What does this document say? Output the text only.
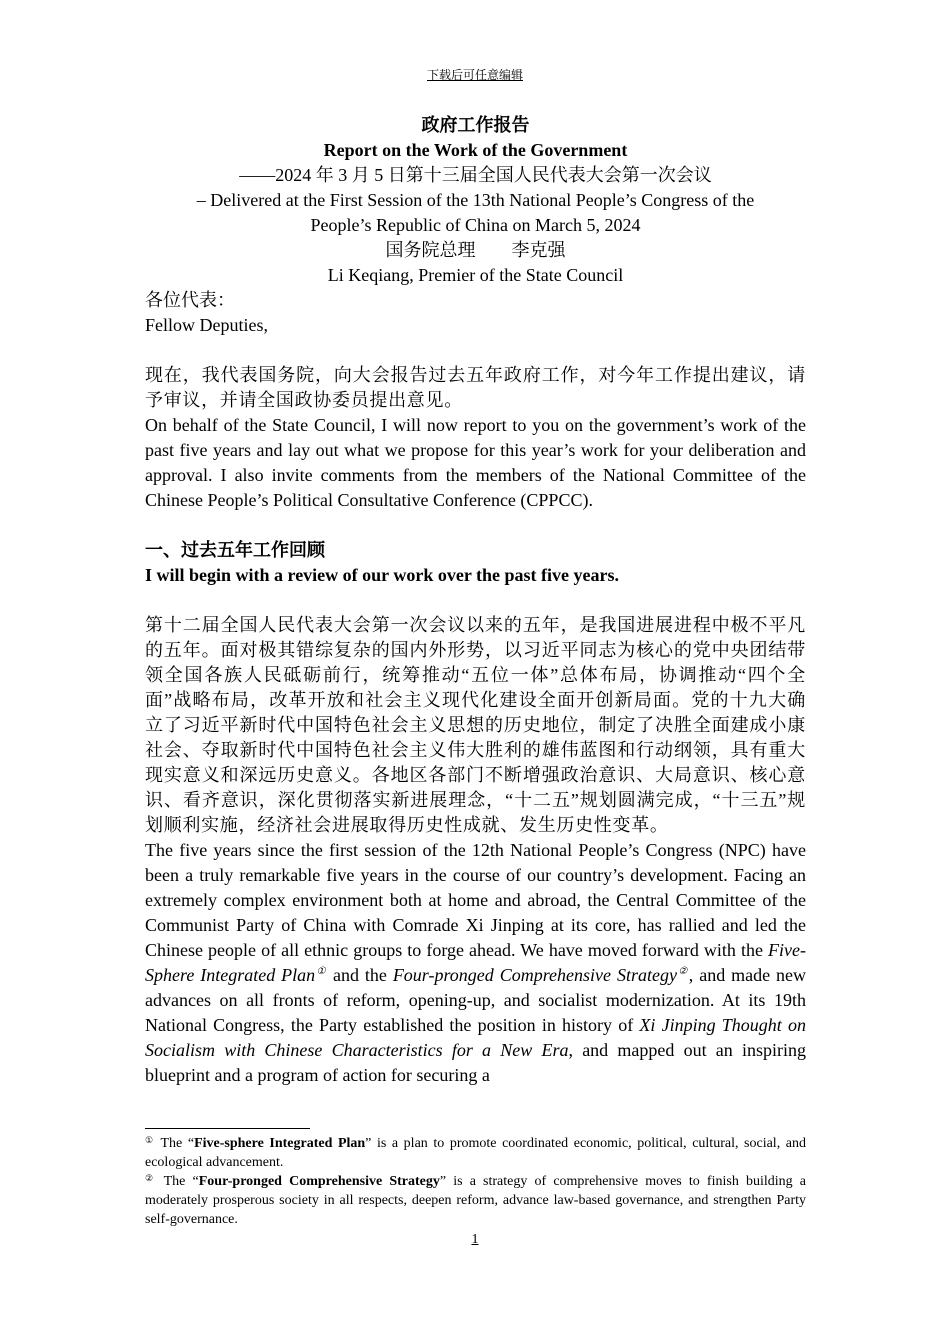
下载后可任意编辑
政府工作报告
Report on the Work of the Government
——2024 年 3 月 5 日第十三届全国人民代表大会第一次会议
– Delivered at the First Session of the 13th National People’s Congress of the
People’s Republic of China on March 5, 2024
国务院总理　　李克强
Li Keqiang, Premier of the State Council
各位代表：
Fellow Deputies,
现在，我代表国务院，向大会报告过去五年政府工作，对今年工作提出建议，请予审议，并请全国政协委员提出意见。
On behalf of the State Council, I will now report to you on the government’s work of the past five years and lay out what we propose for this year’s work for your deliberation and approval. I also invite comments from the members of the National Committee of the Chinese People’s Political Consultative Conference (CPPCC).
一、过去五年工作回顾
I will begin with a review of our work over the past five years.
第十二届全国人民代表大会第一次会议以来的五年，是我国进展进程中极不平凡的五年。面对极其错综复杂的国内外形势，以习近平同志为核心的党中央团结带领全国各族人民砥砺前行，统筹推动“五位一体”总体布局，协调推动“四个全面”战略布局，改革开放和社会主义现代化建设全面开创新局面。党的十九大确立了习近平新时代中国特色社会主义思想的历史地位，制定了决胜全面建成小康社会、夺取新时代中国特色社会主义伟大胜利的雄伟蓝图和行动纲领，具有重大现实意义和深远历史意义。各地区各部门不断增强政治意识、大局意识、核心意识、看齐意识，深化贯彻落实新进展理念，“十二五”规划圆满完成，“十三五”规划顺利实施，经济社会进展取得历史性成就、发生历史性变革。
The five years since the first session of the 12th National People’s Congress (NPC) have been a truly remarkable five years in the course of our country’s development. Facing an extremely complex environment both at home and abroad, the Central Committee of the Communist Party of China with Comrade Xi Jinping at its core, has rallied and led the Chinese people of all ethnic groups to forge ahead. We have moved forward with the Five-Sphere Integrated Plan① and the Four-pronged Comprehensive Strategy②, and made new advances on all fronts of reform, opening-up, and socialist modernization. At its 19th National Congress, the Party established the position in history of Xi Jinping Thought on Socialism with Chinese Characteristics for a New Era, and mapped out an inspiring blueprint and a program of action for securing a
① The “Five-sphere Integrated Plan” is a plan to promote coordinated economic, political, cultural, social, and ecological advancement.
② The “Four-pronged Comprehensive Strategy” is a strategy of comprehensive moves to finish building a moderately prosperous society in all respects, deepen reform, advance law-based governance, and strengthen Party self-governance.
1
